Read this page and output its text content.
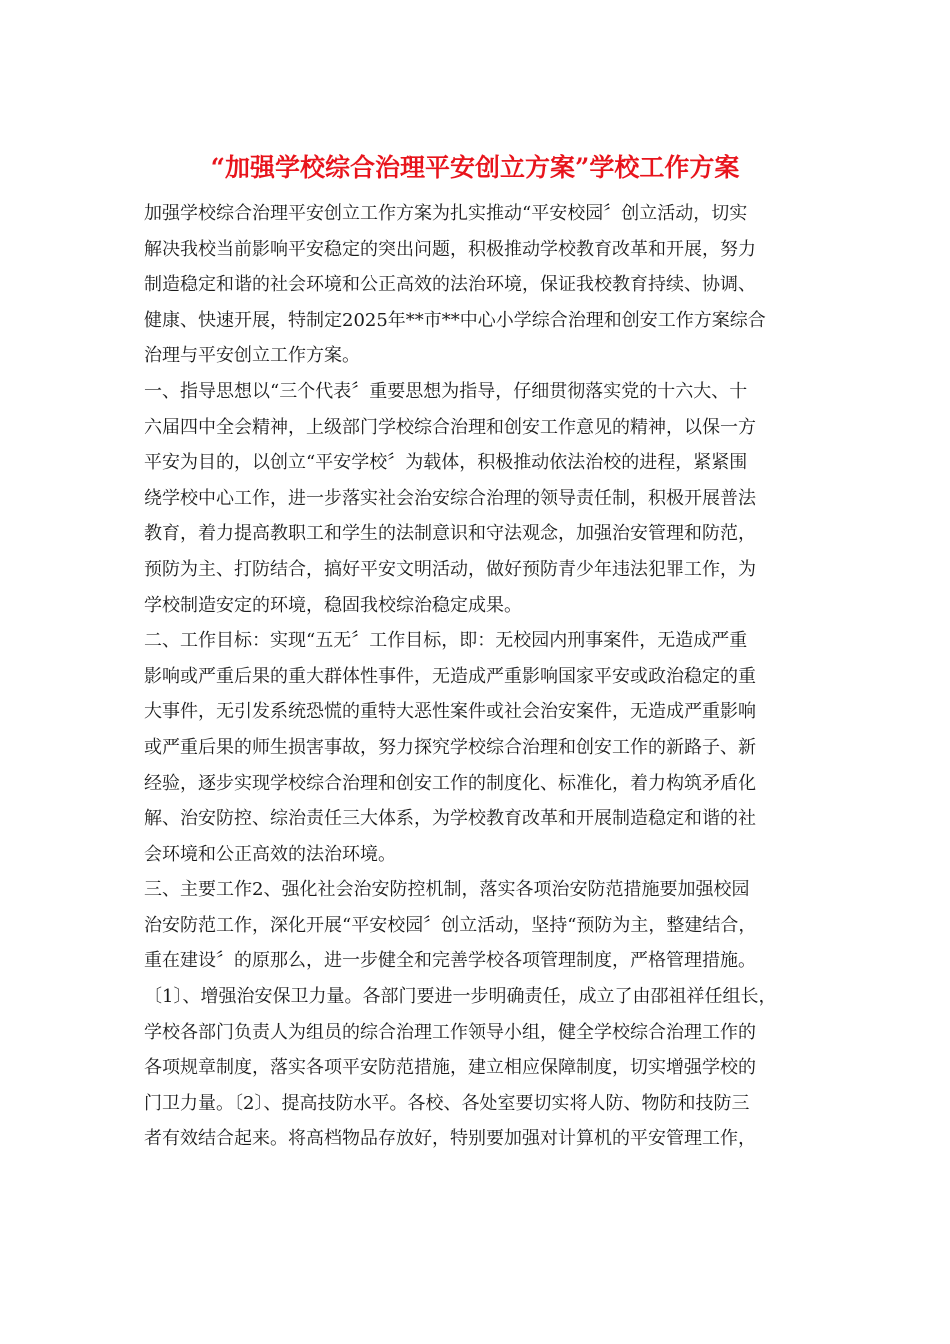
“加强学校综合治理平安创立方案”学校工作方案
加强学校综合治理平安创立工作方案为扎实推动“平安校园〞创立活动，切实
解决我校当前影响平安稳定的突出问题，积极推动学校教育改革和开展，努力
制造稳定和谐的社会环境和公正高效的法治环境，保证我校教育持续、协调、
健康、快速开展，特制定2025年**市**中心小学综合治理和创安工作方案综合
治理与平安创立工作方案。
一、指导思想以“三个代表〞重要思想为指导，仔细贯彻落实党的十六大、十
六届四中全会精神，上级部门学校综合治理和创安工作意见的精神，以保一方
平安为目的，以创立“平安学校〞为载体，积极推动依法治校的进程，紧紧围
绕学校中心工作，进一步落实社会治安综合治理的领导责任制，积极开展普法
教育，着力提高教职工和学生的法制意识和守法观念，加强治安管理和防范，
预防为主、打防结合，搞好平安文明活动，做好预防青少年违法犯罪工作，为
学校制造安定的环境，稳固我校综治稳定成果。
二、工作目标：实现“五无〞工作目标，即：无校园内刑事案件，无造成严重
影响或严重后果的重大群体性事件，无造成严重影响国家平安或政治稳定的重
大事件，无引发系统恐慌的重特大恶性案件或社会治安案件，无造成严重影响
或严重后果的师生损害事故，努力探究学校综合治理和创安工作的新路子、新
经验，逐步实现学校综合治理和创安工作的制度化、标准化，着力构筑矛盾化
解、治安防控、综治责任三大体系，为学校教育改革和开展制造稳定和谐的社
会环境和公正高效的法治环境。
三、主要工作2、强化社会治安防控机制，落实各项治安防范措施要加强校园
治安防范工作，深化开展“平安校园〞创立活动，坚持“预防为主，整建结合，
重在建设〞的原那么，进一步健全和完善学校各项管理制度，严格管理措施。
〔1〕、增强治安保卫力量。各部门要进一步明确责任，成立了由邵祖祥任组长，
学校各部门负责人为组员的综合治理工作领导小组，健全学校综合治理工作的
各项规章制度，落实各项平安防范措施，建立相应保障制度，切实增强学校的
门卫力量。〔2〕、提高技防水平。各校、各处室要切实将人防、物防和技防三
者有效结合起来。将高档物品存放好，特别要加强对计算机的平安管理工作，
